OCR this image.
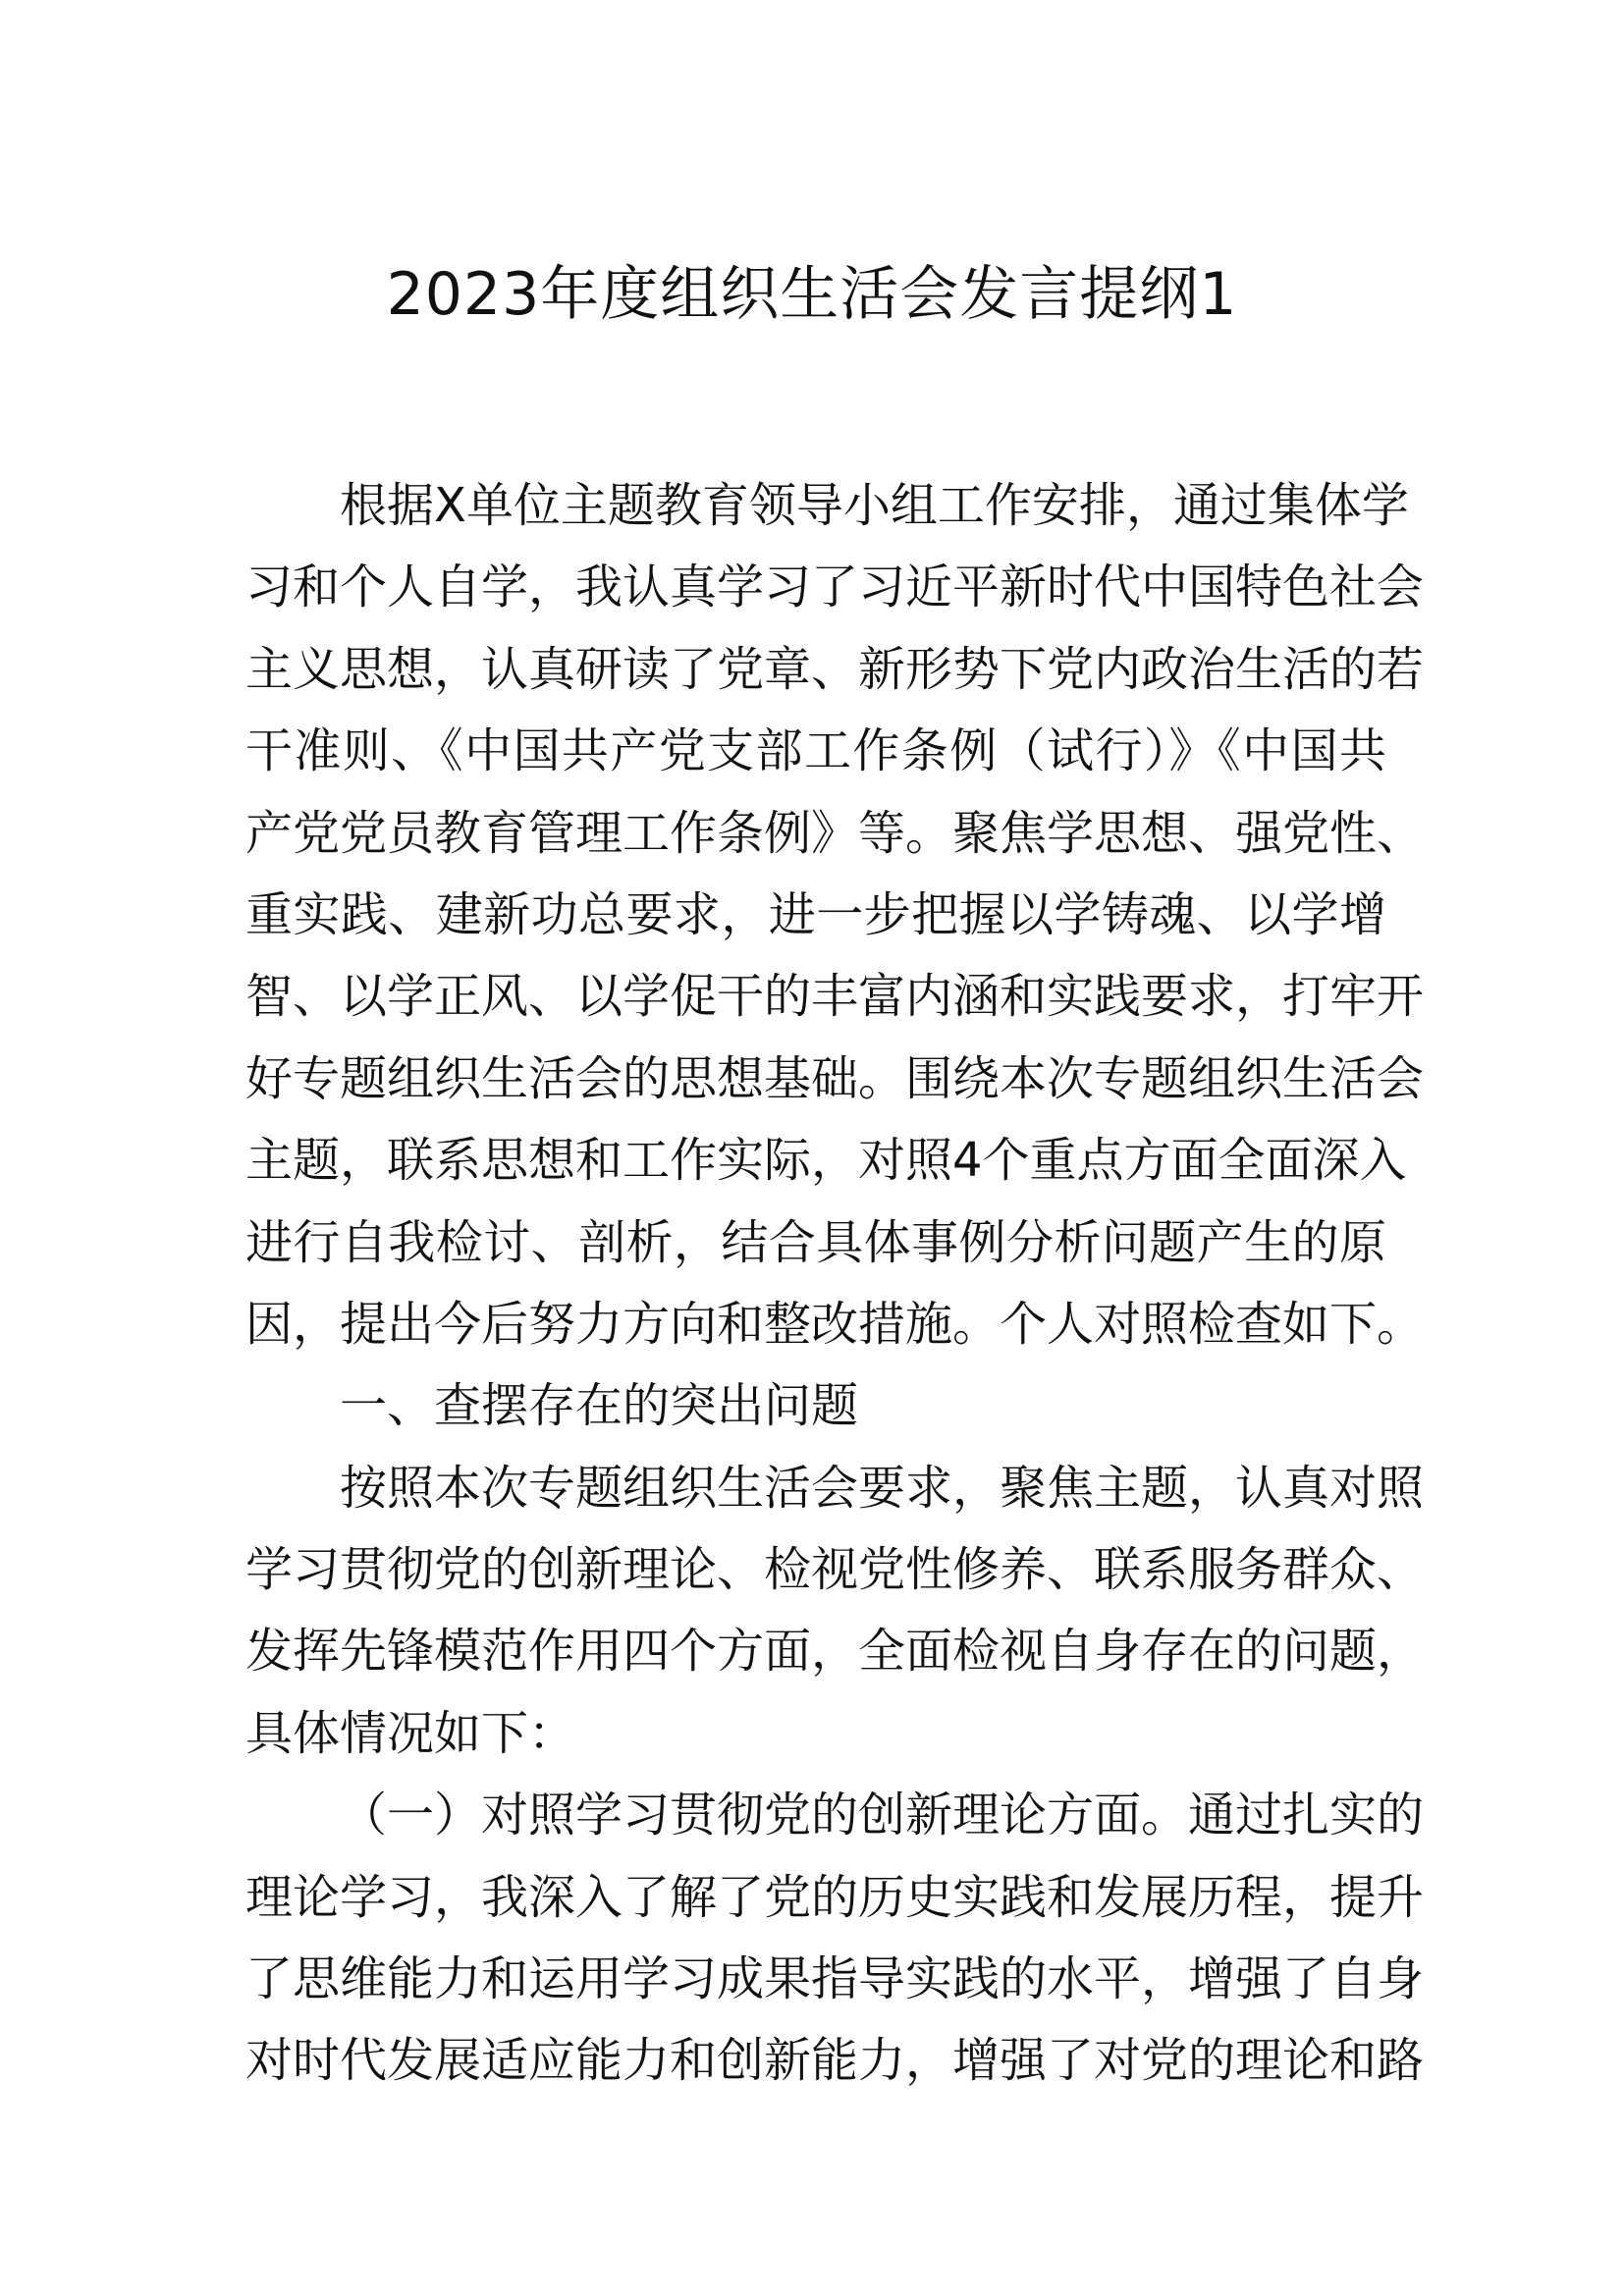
2023年度组织生活会发言提纲1
根据X单位主题教育领导小组工作安排，通过集体学
习和个人自学，我认真学习了习近平新时代中国特色社会
主义思想，认真研读了党章、新形势下党内政治生活的若
干准则、《中国共产党支部工作条例（试行）》《中国共
产党党员教育管理工作条例》等。聚焦学思想、强党性、
重实践、建新功总要求，进一步把握以学铸魂、以学增
智、以学正风、以学促干的丰富内涵和实践要求，打牢开
好专题组织生活会的思想基础。围绕本次专题组织生活会
主题，联系思想和工作实际，对照4个重点方面全面深入
进行自我检讨、剖析，结合具体事例分析问题产生的原
因，提出今后努力方向和整改措施。个人对照检查如下。
一、查摆存在的突出问题
按照本次专题组织生活会要求，聚焦主题，认真对照
学习贯彻党的创新理论、检视党性修养、联系服务群众、
发挥先锋模范作用四个方面，全面检视自身存在的问题，
具体情况如下：
（一）对照学习贯彻党的创新理论方面。通过扎实的
理论学习，我深入了解了党的历史实践和发展历程，提升
了思维能力和运用学习成果指导实践的水平，增强了自身
对时代发展适应能力和创新能力，增强了对党的理论和路
